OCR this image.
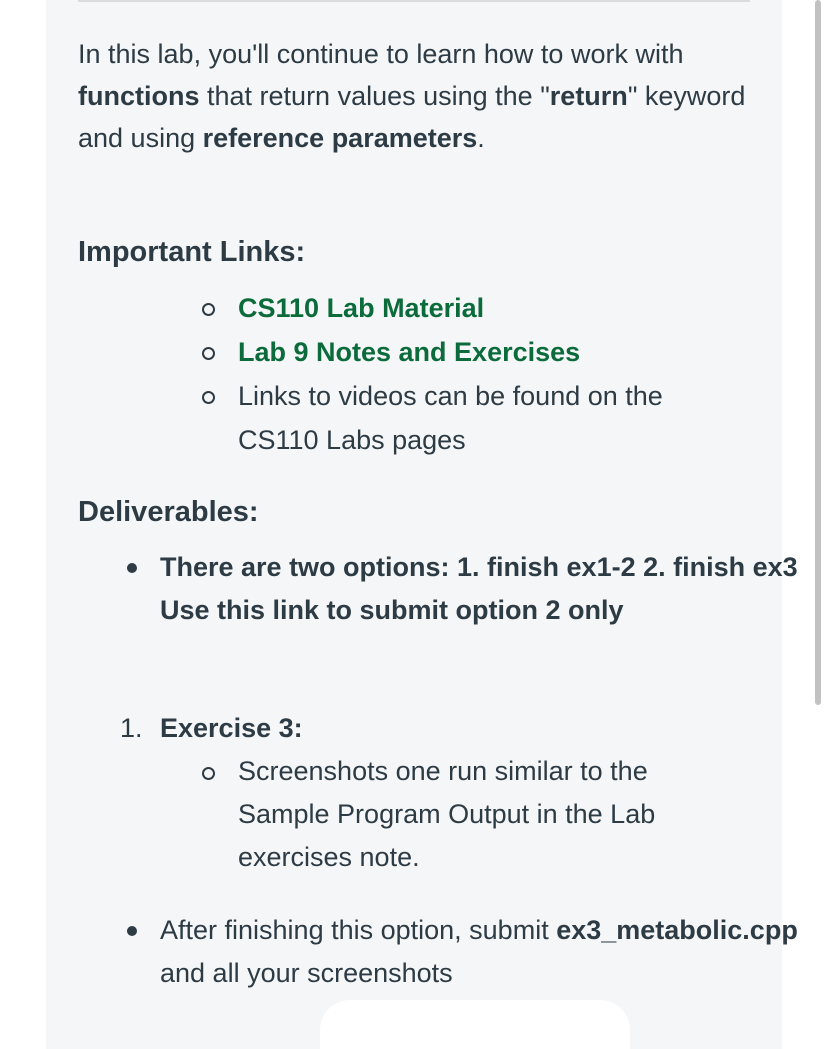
In this lab, you'll continue to learn how to work with functions that return values using the "return" keyword and using reference parameters.

Important Links:
CS110 Lab Material
Lab 9 Notes and Exercises
Links to videos can be found on the CS110 Labs pages
Deliverables:
There are two options: 1. finish ex1-2 2. finish ex3
Use this link to submit option 2 only
1. Exercise 3:
Screenshots one run similar to the Sample Program Output in the Lab exercises note.
After finishing this option, submit ex3_metabolic.cpp and all your screenshots
